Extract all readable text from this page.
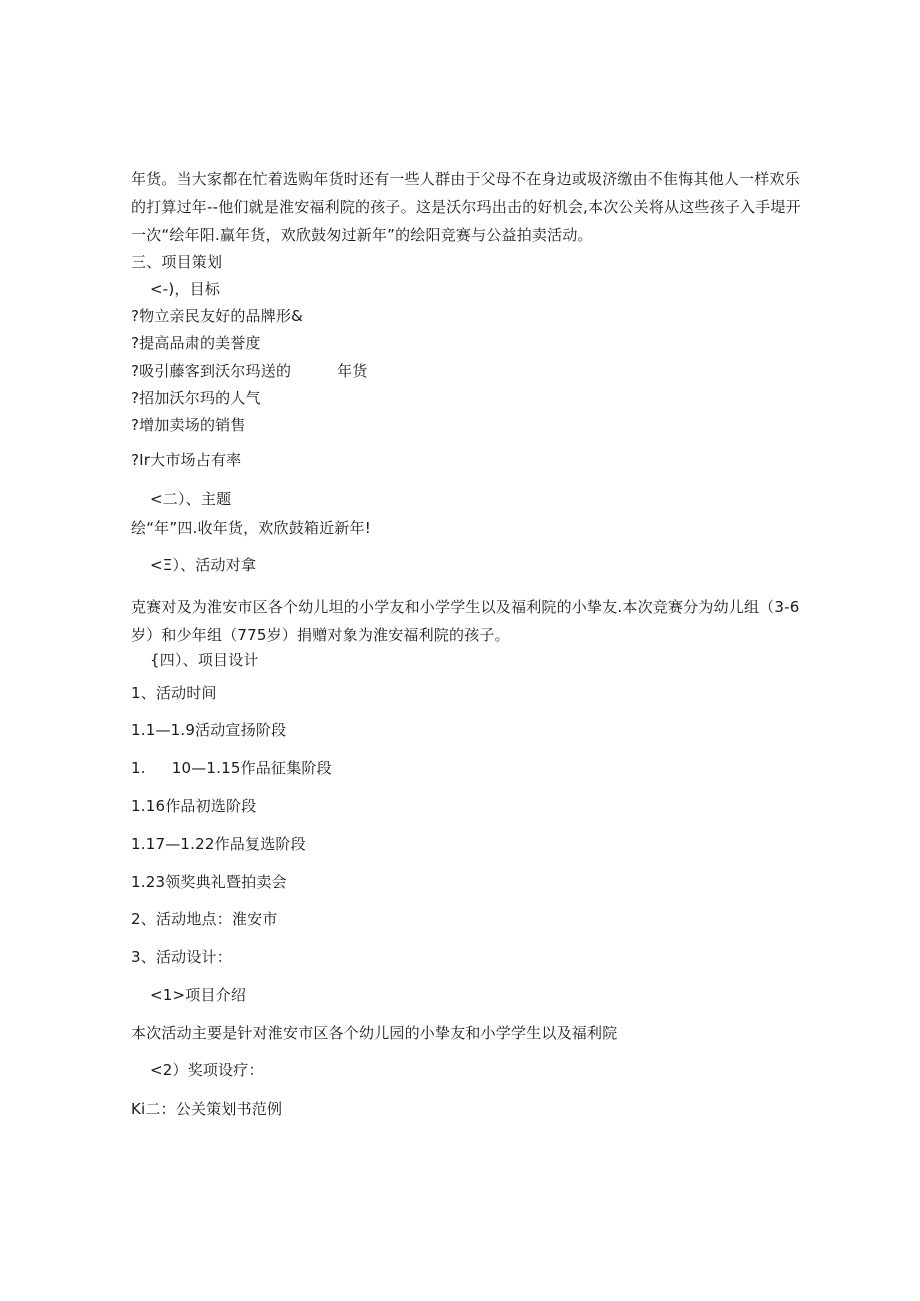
年货。当大家都在忙着选购年货时还有一些人群由于父母不在身边或圾济缴由不隹悔其他人一样欢乐
的打算过年--他们就是淮安福利院的孩子。这是沃尔玛出击的好机会,本次公关将从这些孩子入手堤开
一次“绘年阳.赢年货，欢欣鼓匆过新年”的绘阳竞赛与公益拍卖活动。
三、项目策划
<-)，目标
?物立亲民友好的品牌形&
?提高品肃的美誉度
?吸引藤客到沃尔玛送的	年货
?招加沃尔玛的人气
?增加卖场的销售
?Ir大市场占有率
<二）、主题
绘“年”四.收年货，欢欣鼓箱近新年!
<Ξ）、活动对拿
克赛对及为淮安市区各个幼儿坦的小学友和小学学生以及福利院的小挚友.本次竞赛分为幼儿组（3-6
岁）和少年组（775岁）捐赠对象为淮安福利院的孩子。
{四）、项目设计
1、活动时间
1.1—1.9活动宣扬阶段
1. 10—1.15作品征集阶段
1.16作品初选阶段
1.17—1.22作品复选阶段
1.23领奖典礼暨拍卖会
2、活动地点：淮安市
3、活动设计：
<1>项目介绍
本次活动主要是针对淮安市区各个幼儿园的小挚友和小学学生以及福利院
<2）奖项设疗：
Ki二：公关策划书范例
